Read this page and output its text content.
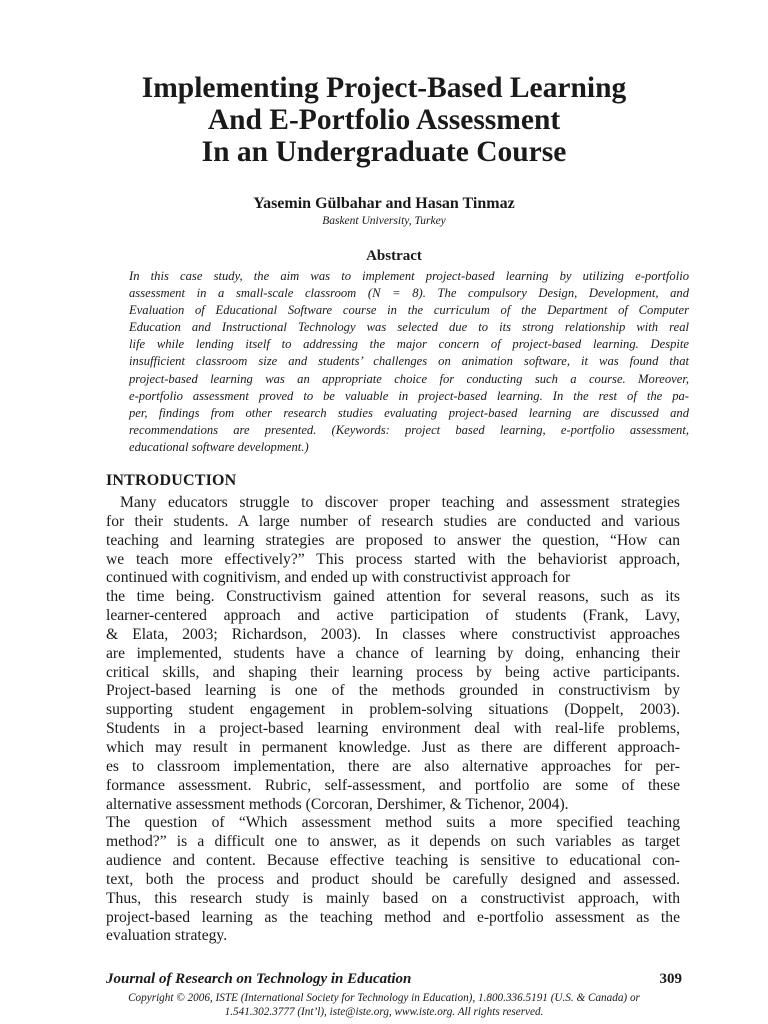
Implementing Project-Based Learning
And E-Portfolio Assessment
In an Undergraduate Course
Yasemin Gülbahar and Hasan Tinmaz
Baskent University, Turkey
Abstract
In this case study, the aim was to implement project-based learning by utilizing e-portfolio
assessment in a small-scale classroom (N = 8). The compulsory Design, Development, and
Evaluation of Educational Software course in the curriculum of the Department of Computer
Education and Instructional Technology was selected due to its strong relationship with real
life while lending itself to addressing the major concern of project-based learning. Despite
insufficient classroom size and students’ challenges on animation software, it was found that
project-based learning was an appropriate choice for conducting such a course. Moreover,
e-portfolio assessment proved to be valuable in project-based learning. In the rest of the pa-
per, findings from other research studies evaluating project-based learning are discussed and
recommendations are presented. (Keywords: project based learning, e-portfolio assessment,
educational software development.)
INTRODUCTION
Many educators struggle to discover proper teaching and assessment strategies
for their students. A large number of research studies are conducted and various
teaching and learning strategies are proposed to answer the question, “How can
we teach more effectively?” This process started with the behaviorist approach,
continued with cognitivism, and ended up with constructivist approach for
the time being. Constructivism gained attention for several reasons, such as its
learner-centered approach and active participation of students (Frank, Lavy,
& Elata, 2003; Richardson, 2003). In classes where constructivist approaches
are implemented, students have a chance of learning by doing, enhancing their
critical skills, and shaping their learning process by being active participants.
Project-based learning is one of the methods grounded in constructivism by
supporting student engagement in problem-solving situations (Doppelt, 2003).
Students in a project-based learning environment deal with real-life problems,
which may result in permanent knowledge. Just as there are different approach-
es to classroom implementation, there are also alternative approaches for per-
formance assessment. Rubric, self-assessment, and portfolio are some of these
alternative assessment methods (Corcoran, Dershimer, & Tichenor, 2004).
The question of “Which assessment method suits a more specified teaching
method?” is a difficult one to answer, as it depends on such variables as target
audience and content. Because effective teaching is sensitive to educational con-
text, both the process and product should be carefully designed and assessed.
Thus, this research study is mainly based on a constructivist approach, with
project-based learning as the teaching method and e-portfolio assessment as the
evaluation strategy.
Journal of Research on Technology in Education	309
Copyright © 2006, ISTE (International Society for Technology in Education), 1.800.336.5191 (U.S. & Canada) or
1.541.302.3777 (Int’l), iste@iste.org, www.iste.org. All rights reserved.
